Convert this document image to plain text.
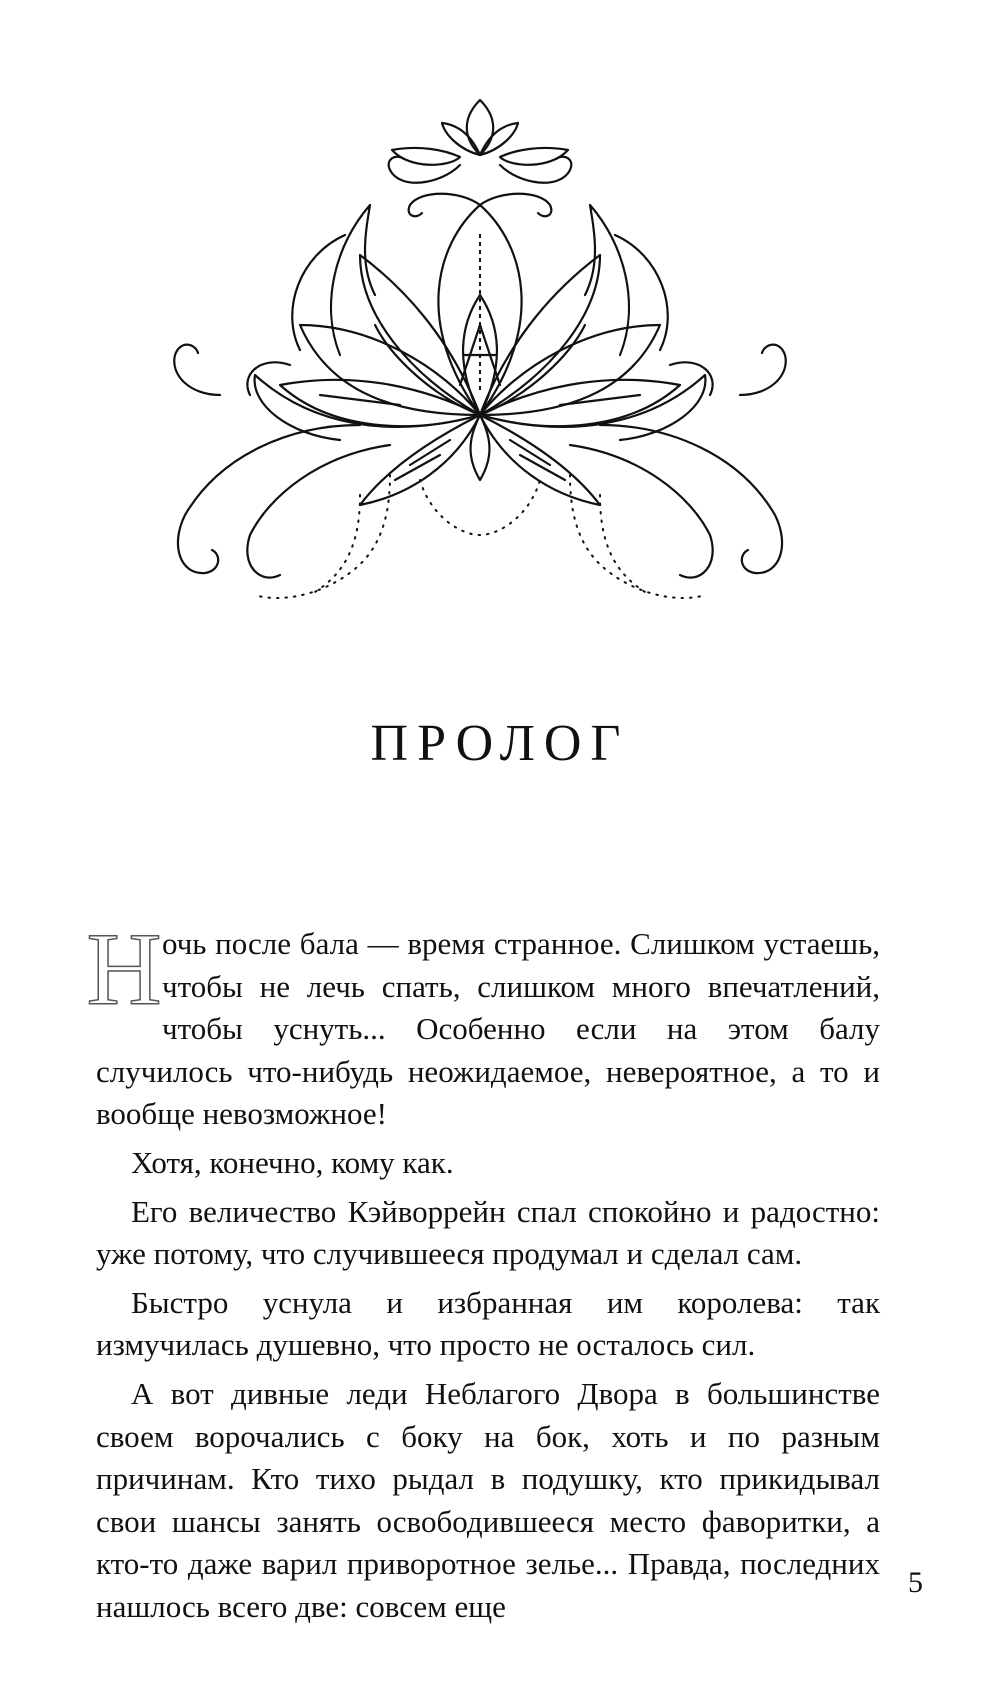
ПРОЛОГ

Н очь после бала — время странное. Слишком устаешь, чтобы не лечь спать, слишком много впечатлений, чтобы уснуть... Особенно если на этом балу случилось что-нибудь неожидаемое, невероятное, а то и вообще невозможное!

Хотя, конечно, кому как.

Его величество Кэйворрейн спал спокойно и радостно: уже потому, что случившееся продумал и сделал сам.

Быстро уснула и избранная им королева: так измучилась душевно, что просто не осталось сил.

А вот дивные леди Неблагого Двора в большинстве своем ворочались с боку на бок, хоть и по разным причинам. Кто тихо рыдал в подушку, кто прикидывал свои шансы занять освободившееся место фаворитки, а кто-то даже варил приворотное зелье... Правда, последних нашлось всего две: совсем еще

5
